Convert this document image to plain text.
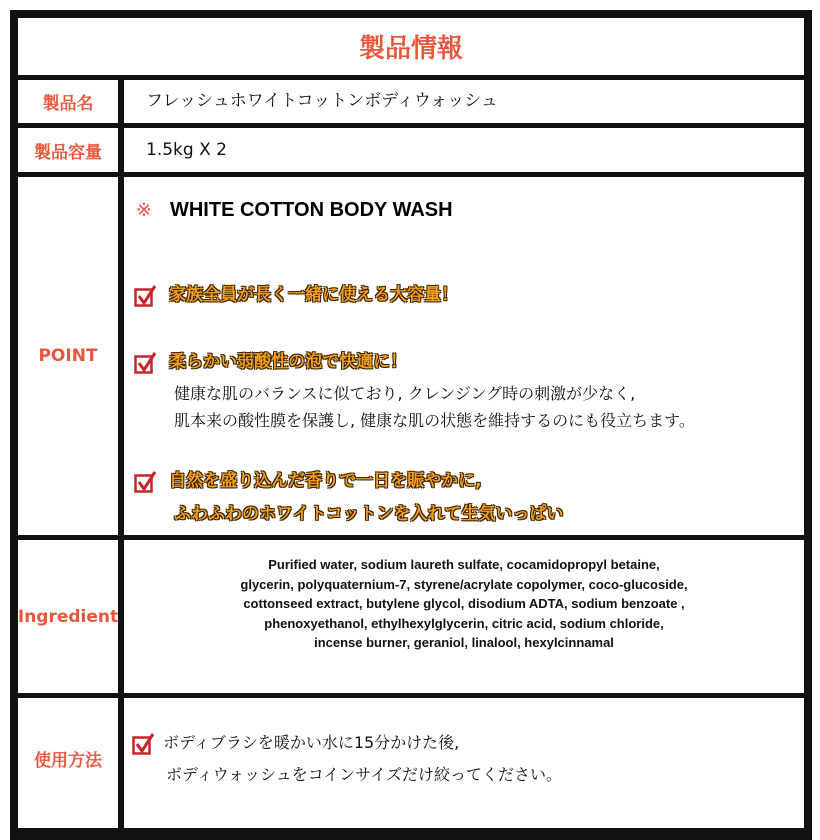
製品情報
製品名	フレッシュホワイトコットンボディウォッシュ
製品容量	1.5kg X 2
POINT
※ WHITE COTTON BODY WASH
家族全員が長く一緒に使える大容量！
柔らかい弱酸性の泡で快適に！
健康な肌のバランスに似ており, クレンジング時の刺激が少なく,
肌本来の酸性膜を保護し, 健康な肌の状態を維持するのにも役立ちます。
自然を盛り込んだ香りで一日を賑やかに,
ふわふわのホワイトコットンを入れて生気いっぱい
Ingredient
Purified water, sodium laureth sulfate, cocamidopropyl betaine,
glycerin, polyquaternium-7, styrene/acrylate copolymer, coco-glucoside,
cottonseed extract, butylene glycol, disodium ADTA, sodium benzoate ,
phenoxyethanol, ethylhexylglycerin, citric acid, sodium chloride,
incense burner, geraniol, linalool, hexylcinnamal
使用方法
ボディブラシを暖かい水に15分かけた後,
ボディウォッシュをコインサイズだけ絞ってください。
